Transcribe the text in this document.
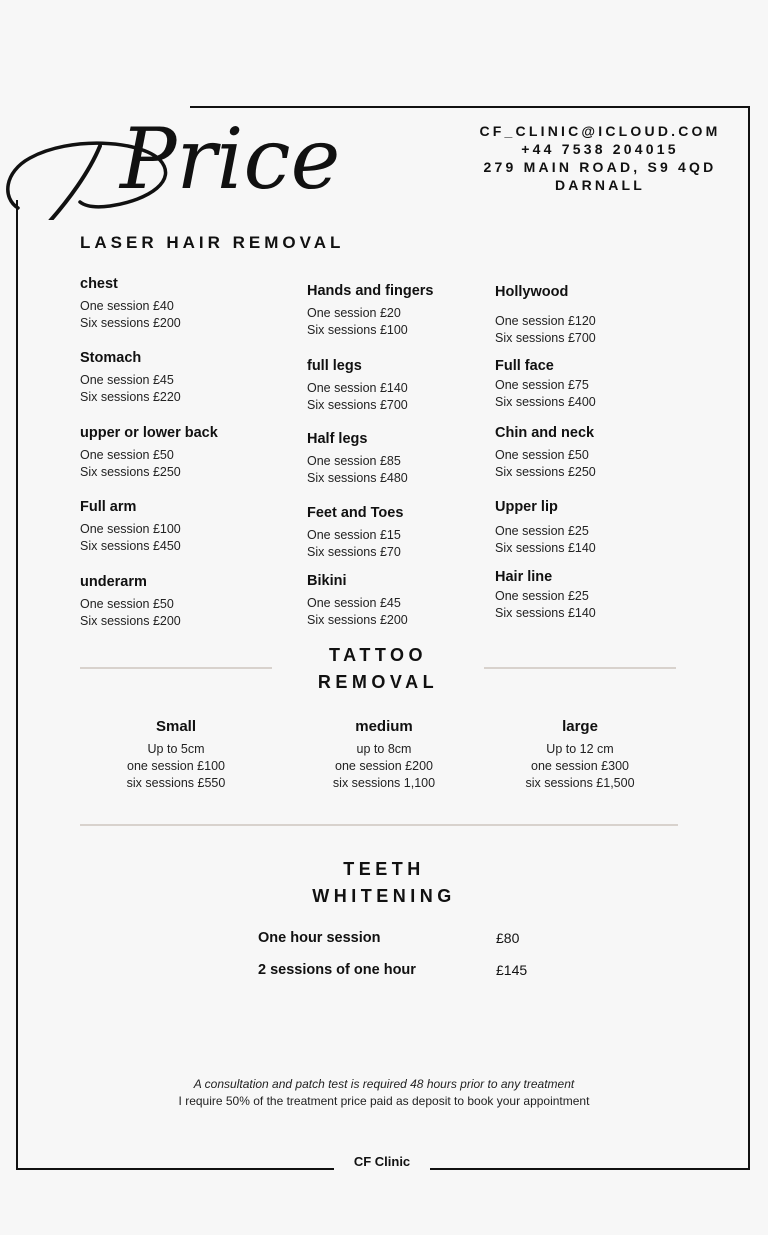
Price	CF_CLINIC@ICLOUD.COM
+44 7538 204015
279 MAIN ROAD, S9 4QD
DARNALL
LASER HAIR REMOVAL
chest
One session £40
Six sessions £200
Stomach
One session £45
Six sessions £220
upper or lower back
One session £50
Six sessions £250
Full arm
One session £100
Six sessions £450
underarm
One session £50
Six sessions £200
Hands and fingers
One session £20
Six sessions £100
full legs
One session £140
Six sessions £700
Half legs
One session £85
Six sessions £480
Feet and Toes
One session £15
Six sessions £70
Bikini
One session £45
Six sessions £200
Hollywood
One session £120
Six sessions £700
Full face
One session £75
Six sessions £400
Chin and neck
One session £50
Six sessions £250
Upper lip
One session £25
Six sessions £140
Hair line
One session £25
Six sessions £140
TATTOO
REMOVAL
Small
Up to 5cm
one session £100
six sessions £550
medium
up to 8cm
one session £200
six sessions 1,100
large
Up to 12 cm
one session £300
six sessions £1,500
TEETH
WHITENING
One hour session	£80
2 sessions of one hour	£145
A consultation and patch test is required 48 hours prior to any treatment
I require 50% of the treatment price paid as deposit to book your appointment
CF Clinic
